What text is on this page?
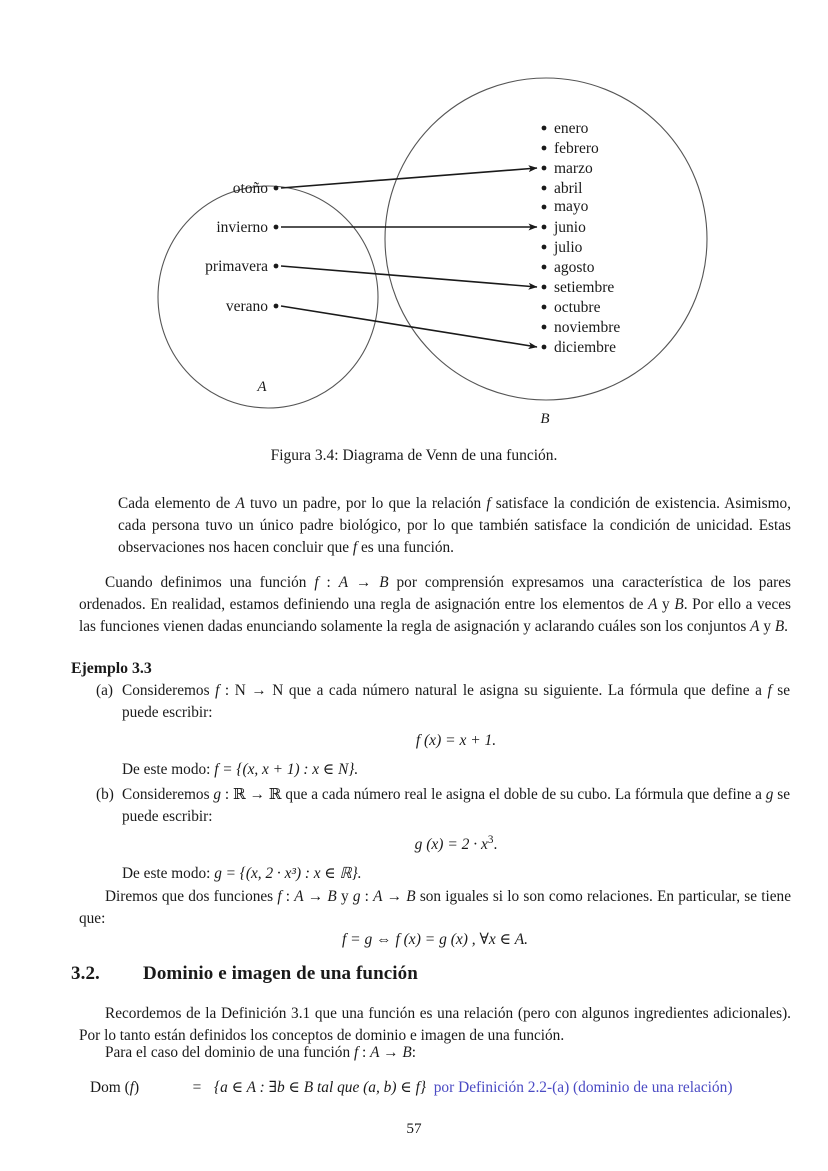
A
B
otoño
invierno
primavera
verano
enero
febrero
marzo
abril
mayo
junio
julio
agosto
setiembre
octubre
noviembre
diciembre
Figura 3.4: Diagrama de Venn de una función.
Cada elemento de A tuvo un padre, por lo que la relación f satisface la condición de existencia. Asimismo, cada persona tuvo un único padre biológico, por lo que también satisface la condición de unicidad. Estas observaciones nos hacen concluir que f es una función.
Cuando definimos una función f : A → B por comprensión expresamos una característica de los pares ordenados. En realidad, estamos definiendo una regla de asignación entre los elementos de A y B. Por ello a veces las funciones vienen dadas enunciando solamente la regla de asignación y aclarando cuáles son los conjuntos A y B.
Ejemplo 3.3
(a) Consideremos f : N → N que a cada número natural le asigna su siguiente. La fórmula que define a f se puede escribir:
f (x) = x + 1.
De este modo: f = {(x, x + 1) : x ∈ N}.
(b) Consideremos g : ℝ → ℝ que a cada número real le asigna el doble de su cubo. La fórmula que define a g se puede escribir:
g $(x) = 2 \cdot x^3$.
De este modo: g = {(x, 2 · x³) : x ∈ ℝ}.
Diremos que dos funciones f : A → B y g : A → B son iguales si lo son como relaciones. En particular, se tiene que:
f = g ⇔ f (x) = g (x) , ∀x ∈ A.
3.2. Dominio e imagen de una función
Recordemos de la Definición 3.1 que una función es una relación (pero con algunos ingredientes adicionales). Por lo tanto están definidos los conceptos de dominio e imagen de una función.
Para el caso del dominio de una función f : A → B:
Dom (f)	= {a ∈ A : ∃b ∈ B tal que (a, b) ∈ f} por Definición 2.2-(a) (dominio de una relación)
57
